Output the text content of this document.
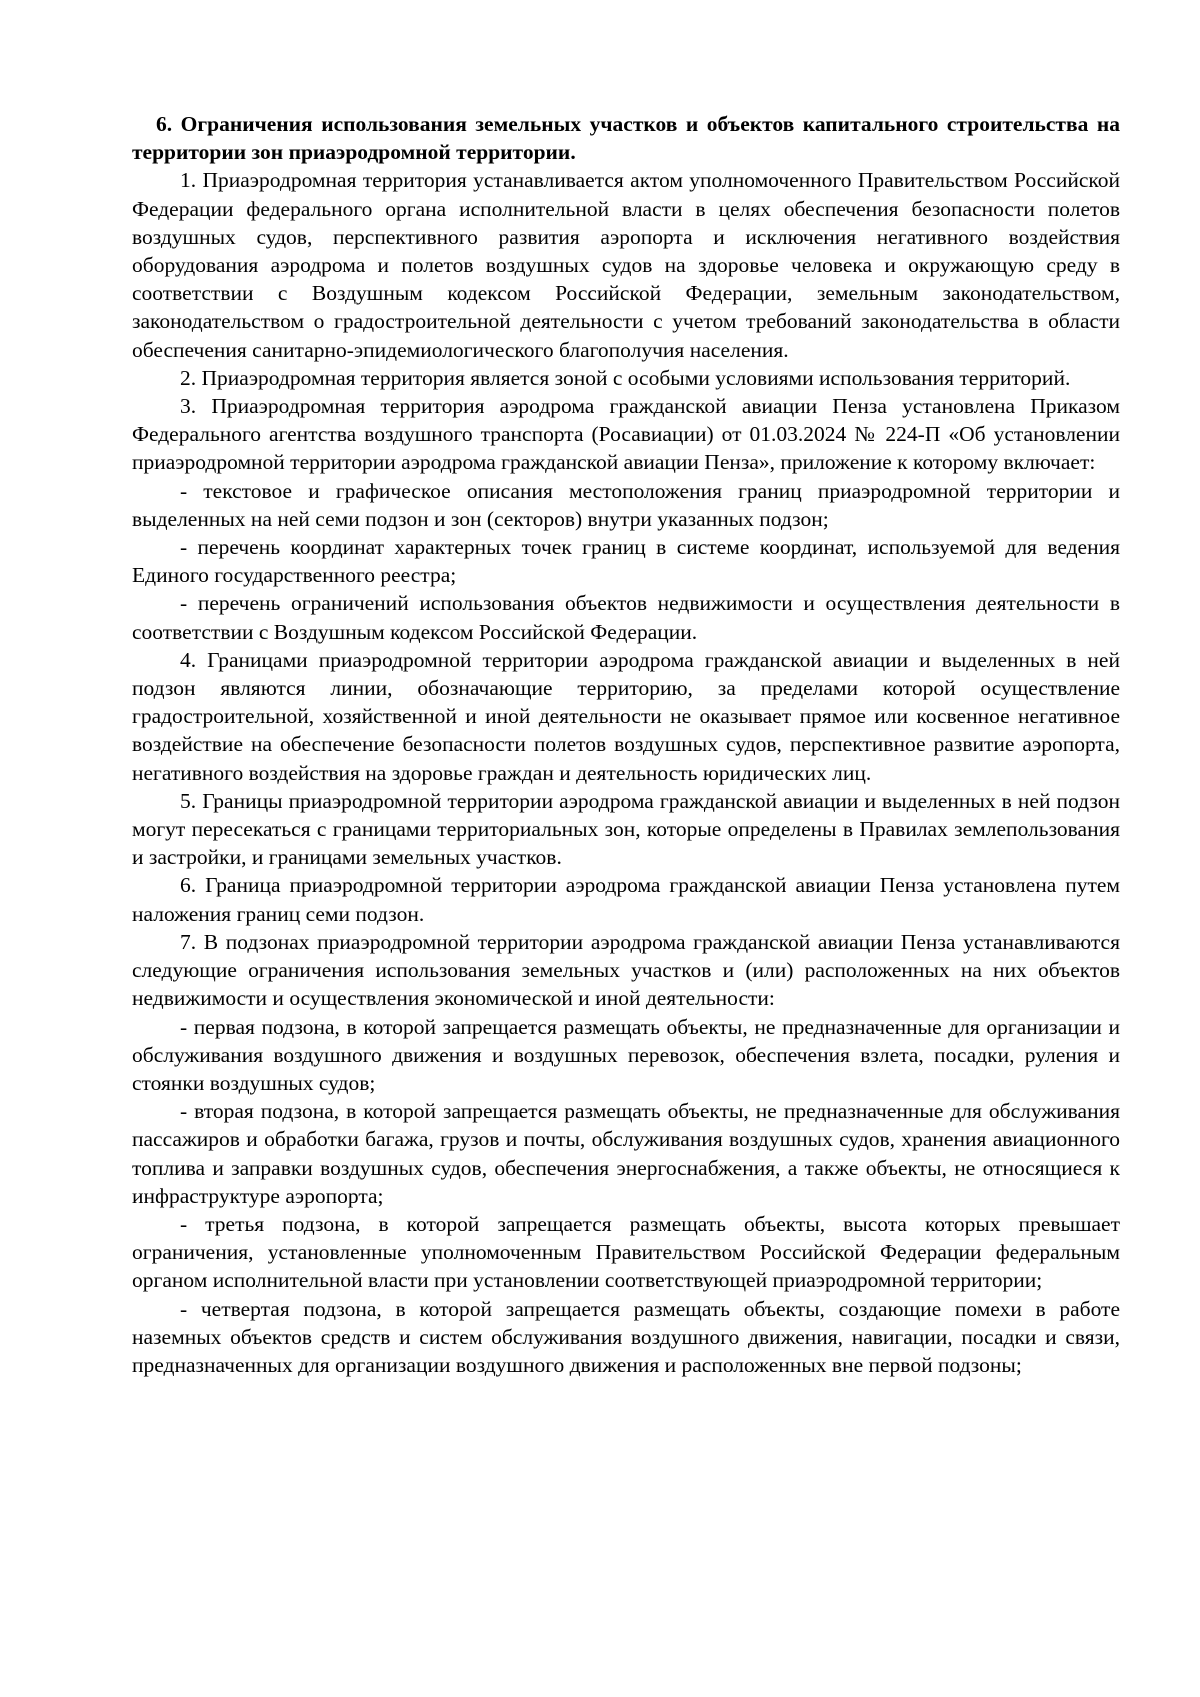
6. Ограничения использования земельных участков и объектов капитального строительства на территории зон приаэродромной территории.

1. Приаэродромная территория устанавливается актом уполномоченного Правительством Российской Федерации федерального органа исполнительной власти в целях обеспечения безопасности полетов воздушных судов, перспективного развития аэропорта и исключения негативного воздействия оборудования аэродрома и полетов воздушных судов на здоровье человека и окружающую среду в соответствии с Воздушным кодексом Российской Федерации, земельным законодательством, законодательством о градостроительной деятельности с учетом требований законодательства в области обеспечения санитарно-эпидемиологического благополучия населения.

2. Приаэродромная территория является зоной с особыми условиями использования территорий.

3. Приаэродромная территория аэродрома гражданской авиации Пенза установлена Приказом Федерального агентства воздушного транспорта (Росавиации) от 01.03.2024 № 224-П «Об установлении приаэродромной территории аэродрома гражданской авиации Пенза», приложение к которому включает:

- текстовое и графическое описания местоположения границ приаэродромной территории и выделенных на ней семи подзон и зон (секторов) внутри указанных подзон;

- перечень координат характерных точек границ в системе координат, используемой для ведения Единого государственного реестра;

- перечень ограничений использования объектов недвижимости и осуществления деятельности в соответствии с Воздушным кодексом Российской Федерации.

4. Границами приаэродромной территории аэродрома гражданской авиации и выделенных в ней подзон являются линии, обозначающие территорию, за пределами которой осуществление градостроительной, хозяйственной и иной деятельности не оказывает прямое или косвенное негативное воздействие на обеспечение безопасности полетов воздушных судов, перспективное развитие аэропорта, негативного воздействия на здоровье граждан и деятельность юридических лиц.

5. Границы приаэродромной территории аэродрома гражданской авиации и выделенных в ней подзон могут пересекаться с границами территориальных зон, которые определены в Правилах землепользования и застройки, и границами земельных участков.

6. Граница приаэродромной территории аэродрома гражданской авиации Пенза установлена путем наложения границ семи подзон.

7. В подзонах приаэродромной территории аэродрома гражданской авиации Пенза устанавливаются следующие ограничения использования земельных участков и (или) расположенных на них объектов недвижимости и осуществления экономической и иной деятельности:

- первая подзона, в которой запрещается размещать объекты, не предназначенные для организации и обслуживания воздушного движения и воздушных перевозок, обеспечения взлета, посадки, руления и стоянки воздушных судов;

- вторая подзона, в которой запрещается размещать объекты, не предназначенные для обслуживания пассажиров и обработки багажа, грузов и почты, обслуживания воздушных судов, хранения авиационного топлива и заправки воздушных судов, обеспечения энергоснабжения, а также объекты, не относящиеся к инфраструктуре аэропорта;

- третья подзона, в которой запрещается размещать объекты, высота которых превышает ограничения, установленные уполномоченным Правительством Российской Федерации федеральным органом исполнительной власти при установлении соответствующей приаэродромной территории;

- четвертая подзона, в которой запрещается размещать объекты, создающие помехи в работе наземных объектов средств и систем обслуживания воздушного движения, навигации, посадки и связи, предназначенных для организации воздушного движения и расположенных вне первой подзоны;
